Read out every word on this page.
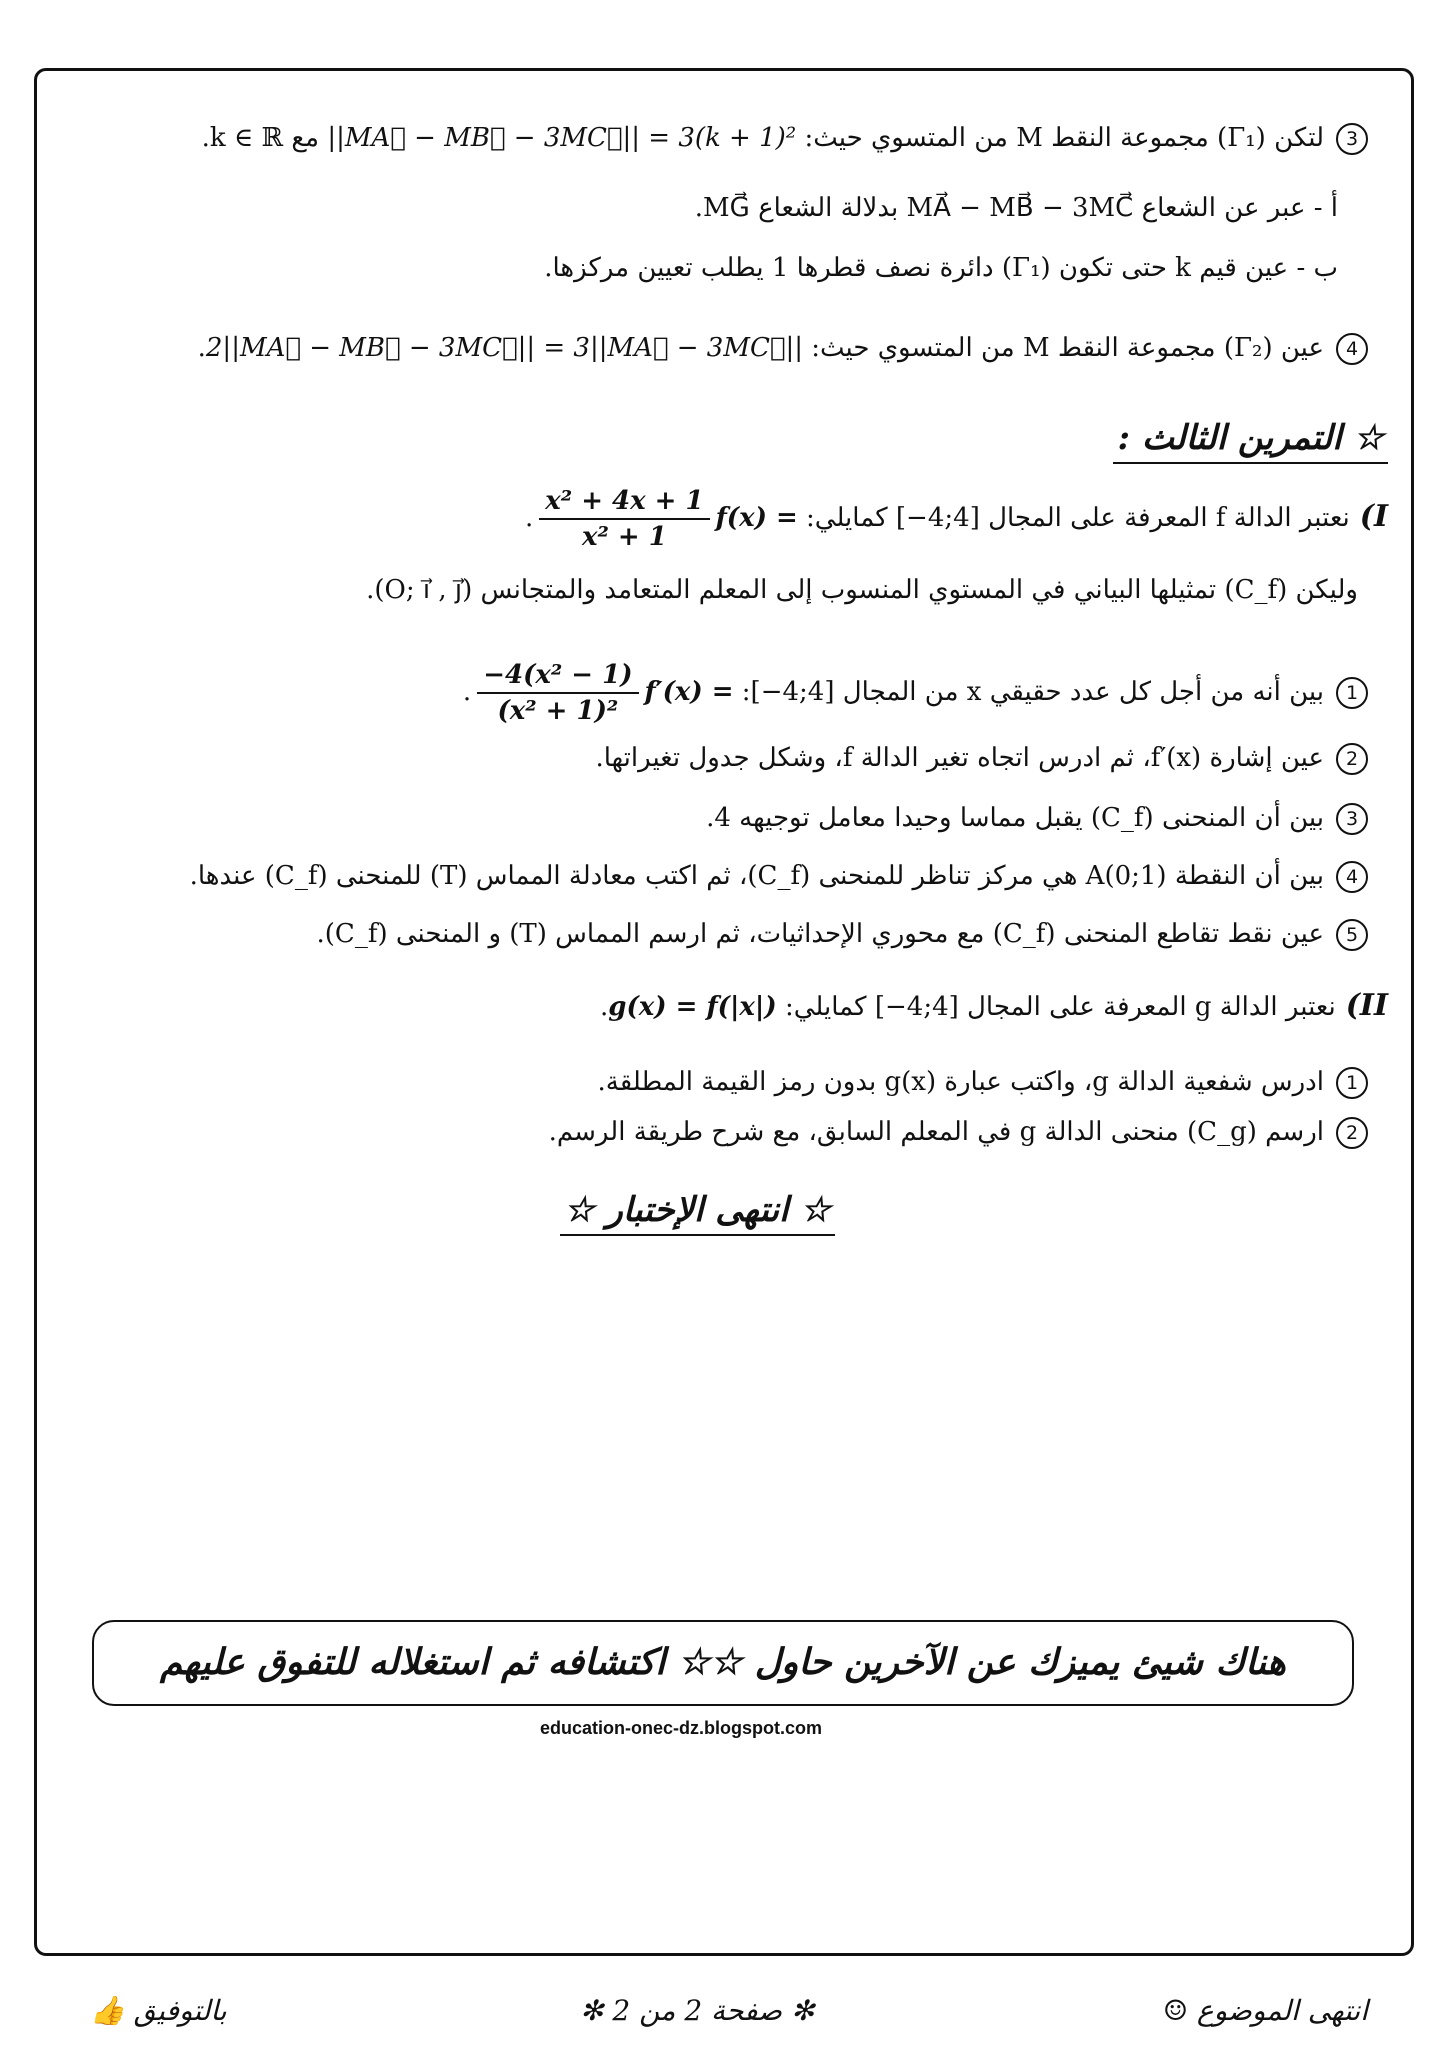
3لتكن (Γ₁) مجموعة النقط M من المتسوي حيث: ||MA⃗ − MB⃗ − 3MC⃗|| = 3(k + 1)² مع k ∈ ℝ.
أ - عبر عن الشعاع MA⃗ − MB⃗ − 3MC⃗ بدلالة الشعاع MG⃗.
ب - عين قيم k حتى تكون (Γ₁) دائرة نصف قطرها 1 يطلب تعيين مركزها.
4عين (Γ₂) مجموعة النقط M من المتسوي حيث: 2||MA⃗ − MB⃗ − 3MC⃗|| = 3||MA⃗ − 3MC⃗||.
☆ التمرين الثالث :
I)نعتبر الدالة f المعرفة على المجال [4;4−] كمايلي: f(x) =
$\frac{\text{x² + 4x + 1}}{\text{x² + 1}}$
.
وليكن (C_f) تمثيلها البياني في المستوي المنسوب إلى المعلم المتعامد والمتجانس (O; i⃗ , j⃗).
1بين أنه من أجل كل عدد حقيقي x من المجال [4;4−]: f′(x) =
$\frac{\text{−4(x² − 1)}}{\text{(x² + 1)²}}$
.
2عين إشارة f′(x)، ثم ادرس اتجاه تغير الدالة f، وشكل جدول تغيراتها.
3بين أن المنحنى (C_f) يقبل مماسا وحيدا معامل توجيهه 4.
4بين أن النقطة A(0;1) هي مركز تناظر للمنحنى (C_f)، ثم اكتب معادلة المماس (T) للمنحنى (C_f) عندها.
5عين نقط تقاطع المنحنى (C_f) مع محوري الإحداثيات، ثم ارسم المماس (T) و المنحنى (C_f).
II)نعتبر الدالة g المعرفة على المجال [4;4−] كمايلي: g(x) = f(|x|).
1ادرس شفعية الدالة g، واكتب عبارة g(x) بدون رمز القيمة المطلقة.
2ارسم (C_g) منحنى الدالة g في المعلم السابق، مع شرح طريقة الرسم.
☆ انتهى الإختبار ☆
هناك شيئ يميزك عن الآخرين حاول ☆☆ اكتشافه ثم استغلاله للتفوق عليهم
education-onec-dz.blogspot.com
انتهى الموضوع ☺
✻ صفحة 2 من 2 ✻
بالتوفيق 👍
